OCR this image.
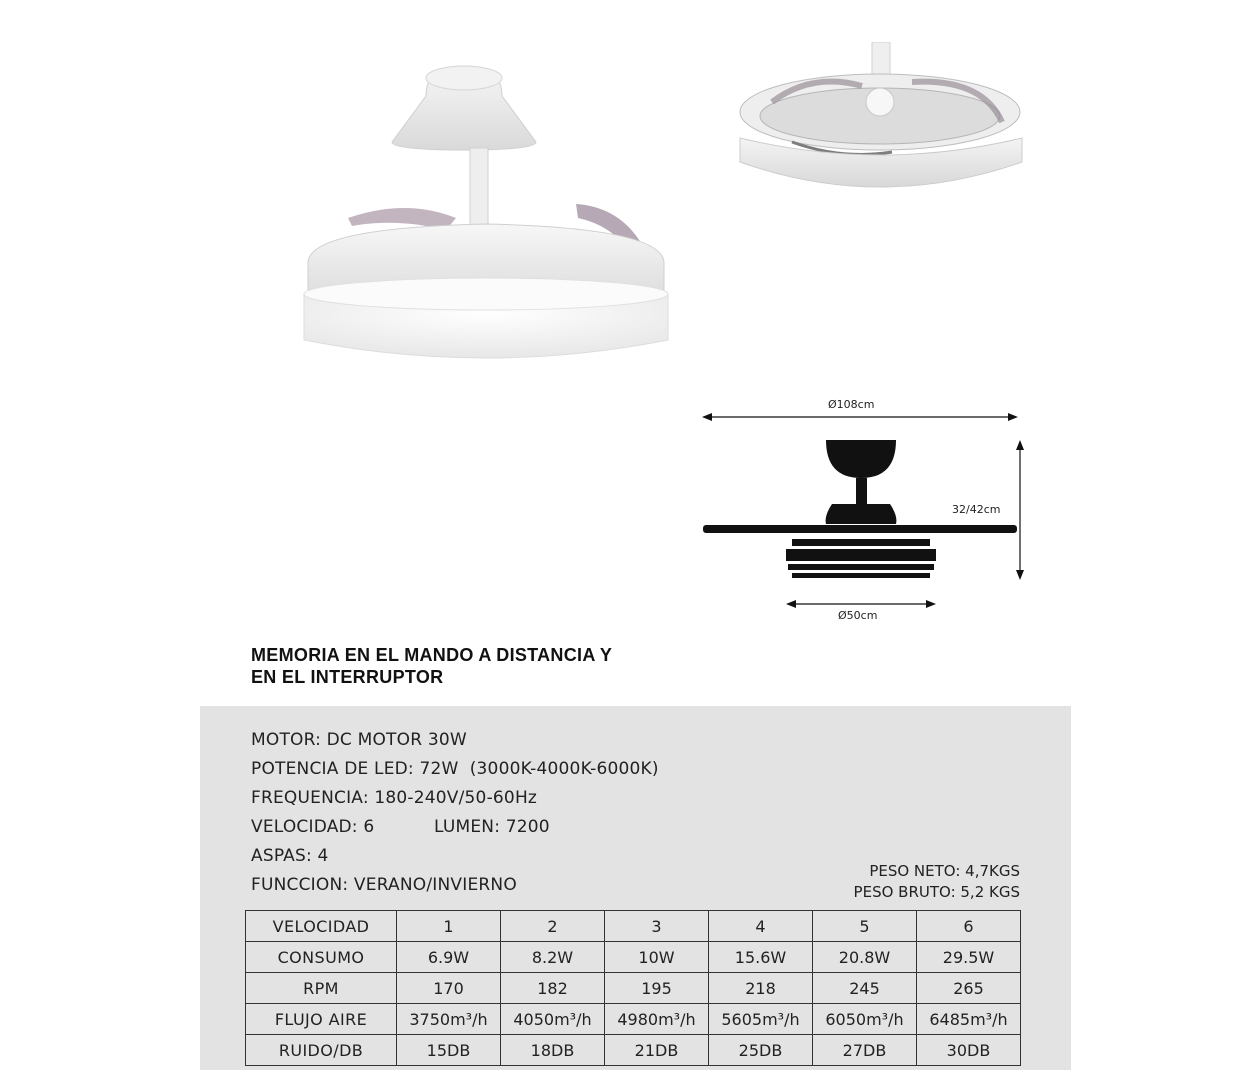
Ø108cm
32/42cm
Ø50cm
MEMORIA EN EL MANDO A DISTANCIA Y
EN EL INTERRUPTOR
MOTOR: DC MOTOR 30W
POTENCIA DE LED: 72W  (3000K-4000K-6000K)
FREQUENCIA: 180-240V/50-60Hz
VELOCIDAD: 6	LUMEN: 7200
ASPAS: 4
FUNCCION: VERANO/INVIERNO
PESO NETO: 4,7KGS
PESO BRUTO: 5,2 KGS
VELOCIDAD	1	2	3	4	5	6
CONSUMO	6.9W	8.2W	10W	15.6W	20.8W	29.5W
RPM	170	182	195	218	245	265
FLUJO AIRE	3750m³/h	4050m³/h	4980m³/h	5605m³/h	6050m³/h	6485m³/h
RUIDO/DB	15DB	18DB	21DB	25DB	27DB	30DB
